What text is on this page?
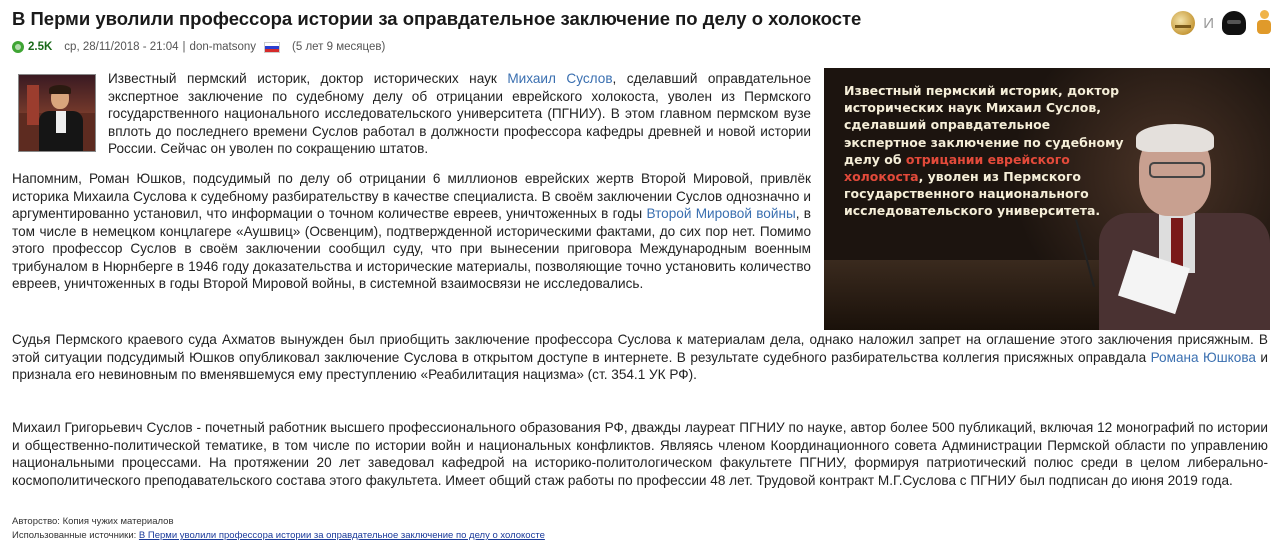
В Перми уволили профессора истории за оправдательное заключение по делу о холокосте	И
2.5K ср, 28/11/2018 - 21:04 | don-matsony	(5 лет 9 месяцев)
Известный пермский историк, доктор исторических наук Михаил Суслов, сделавший оправдательное экспертное заключение по судебному делу об отрицании еврейского холокоста, уволен из Пермского государственного национального исследовательского университета.
Известный пермский историк, доктор исторических наук Михаил Суслов, сделавший оправдательное экспертное заключение по судебному делу об отрицании еврейского холокоста, уволен из Пермского государственного национального исследовательского университета (ПГНИУ). В этом главном пермском вузе вплоть до последнего времени Суслов работал в должности профессора кафедры древней и новой истории России. Сейчас он уволен по сокращению штатов.
Напомним, Роман Юшков, подсудимый по делу об отрицании 6 миллионов еврейских жертв Второй Мировой, привлёк историка Михаила Суслова к судебному разбирательству в качестве специалиста. В своём заключении Суслов однозначно и аргументированно установил, что информации о точном количестве евреев, уничтоженных в годы Второй Мировой войны, в том числе в немецком концлагере «Аушвиц» (Освенцим), подтвержденной историческими фактами, до сих пор нет. Помимо этого профессор Суслов в своём заключении сообщил суду, что при вынесении приговора Международным военным трибуналом в Нюрнберге в 1946 году доказательства и исторические материалы, позволяющие точно установить количество евреев, уничтоженных в годы Второй Мировой войны, в системной взаимосвязи не исследовались.
Судья Пермского краевого суда Ахматов вынужден был приобщить заключение профессора Суслова к материалам дела, однако наложил запрет на оглашение этого заключения присяжным. В этой ситуации подсудимый Юшков опубликовал заключение Суслова в открытом доступе в интернете. В результате судебного разбирательства коллегия присяжных оправдала Романа Юшкова и признала его невиновным по вменявшемуся ему преступлению «Реабилитация нацизма» (ст. 354.1 УК РФ).
Михаил Григорьевич Суслов - почетный работник высшего профессионального образования РФ, дважды лауреат ПГНИУ по науке, автор более 500 публикаций, включая 12 монографий по истории и общественно-политической тематике, в том числе по истории войн и национальных конфликтов. Являясь членом Координационного совета Администрации Пермской области по управлению национальными процессами. На протяжении 20 лет заведовал кафедрой на историко-политологическом факультете ПГНИУ, формируя патриотический полюс среди в целом либерально-космополитического преподавательского состава этого факультета. Имеет общий стаж работы по профессии 48 лет. Трудовой контракт М.Г.Суслова с ПГНИУ был подписан до июня 2019 года.
Авторство: Копия чужих материалов
Использованные источники: В Перми уволили профессора истории за оправдательное заключение по делу о холокосте
